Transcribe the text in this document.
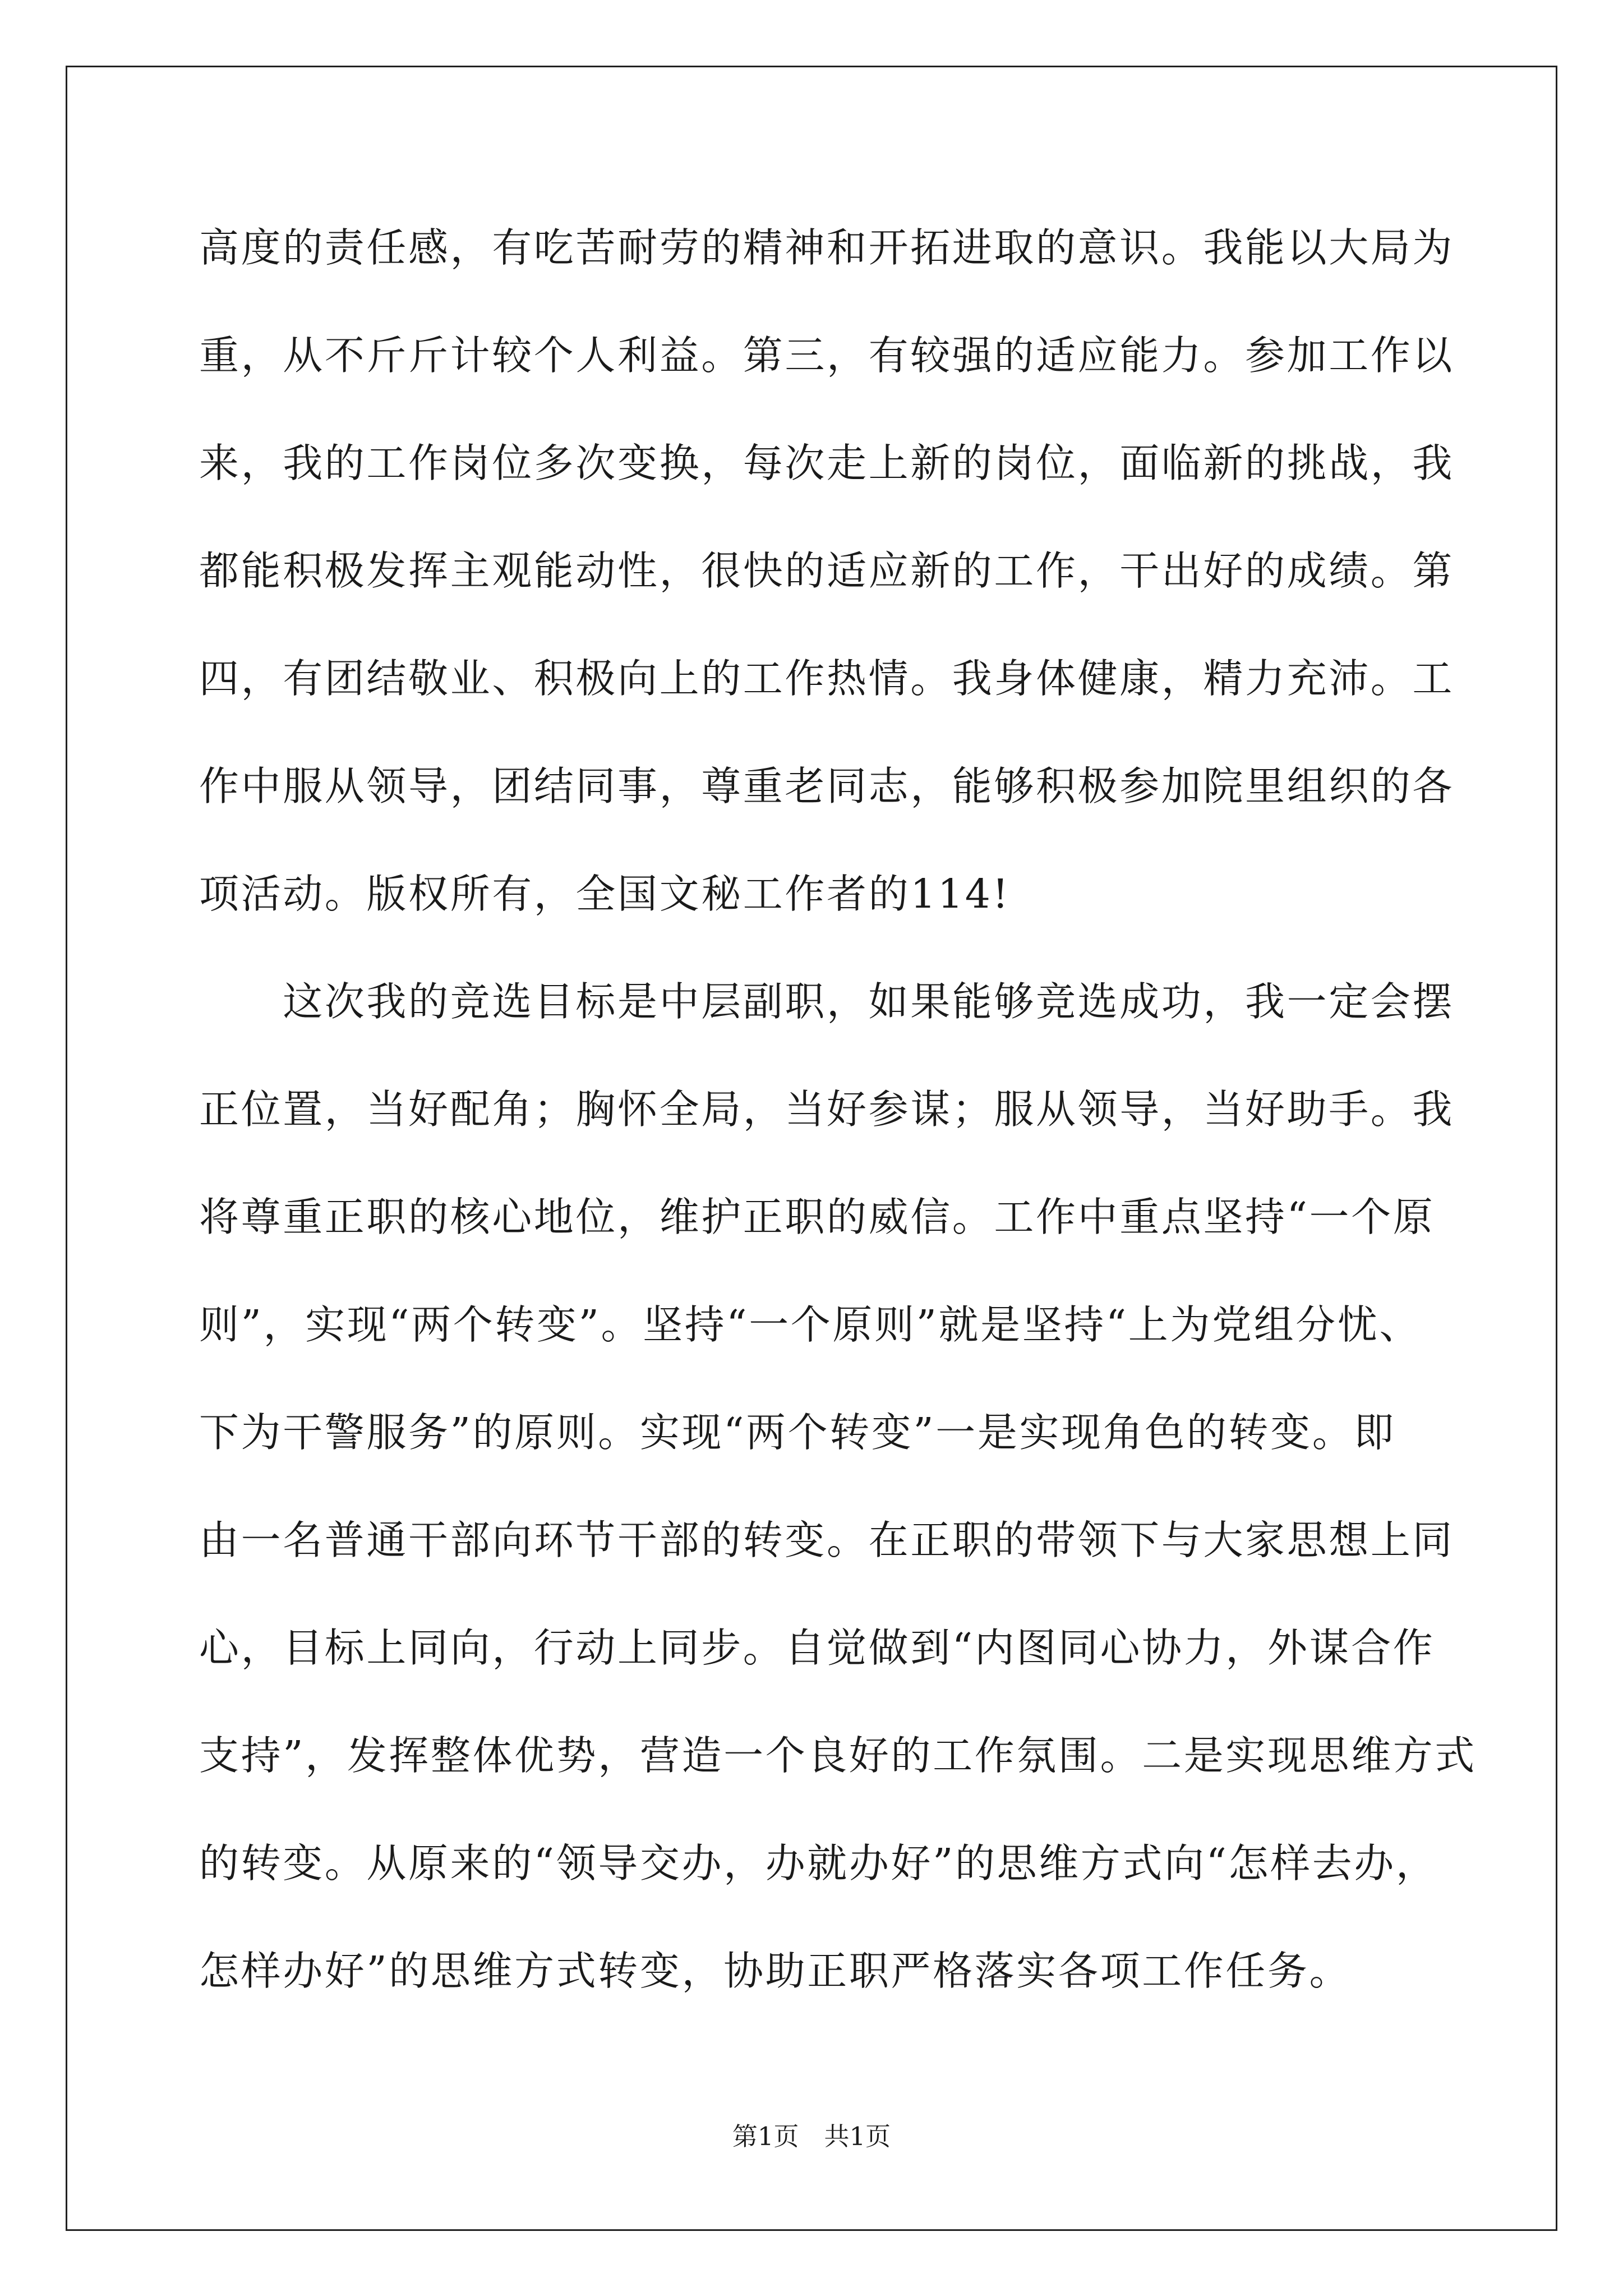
高度的责任感，有吃苦耐劳的精神和开拓进取的意识。我能以大局为
重，从不斤斤计较个人利益。第三，有较强的适应能力。参加工作以
来，我的工作岗位多次变换，每次走上新的岗位，面临新的挑战，我
都能积极发挥主观能动性，很快的适应新的工作，干出好的成绩。第
四，有团结敬业、积极向上的工作热情。我身体健康，精力充沛。工
作中服从领导，团结同事，尊重老同志，能够积极参加院里组织的各
项活动。版权所有，全国文秘工作者的114!
　　这次我的竞选目标是中层副职，如果能够竞选成功，我一定会摆
正位置，当好配角；胸怀全局，当好参谋；服从领导，当好助手。我
将尊重正职的核心地位，维护正职的威信。工作中重点坚持“一个原
则”，实现“两个转变”。坚持“一个原则”就是坚持“上为党组分忧、
下为干警服务”的原则。实现“两个转变”一是实现角色的转变。即
由一名普通干部向环节干部的转变。在正职的带领下与大家思想上同
心，目标上同向，行动上同步。自觉做到“内图同心协力，外谋合作
支持”，发挥整体优势，营造一个良好的工作氛围。二是实现思维方式
的转变。从原来的“领导交办，办就办好”的思维方式向“怎样去办，
怎样办好”的思维方式转变，协助正职严格落实各项工作任务。
第1页　共1页
